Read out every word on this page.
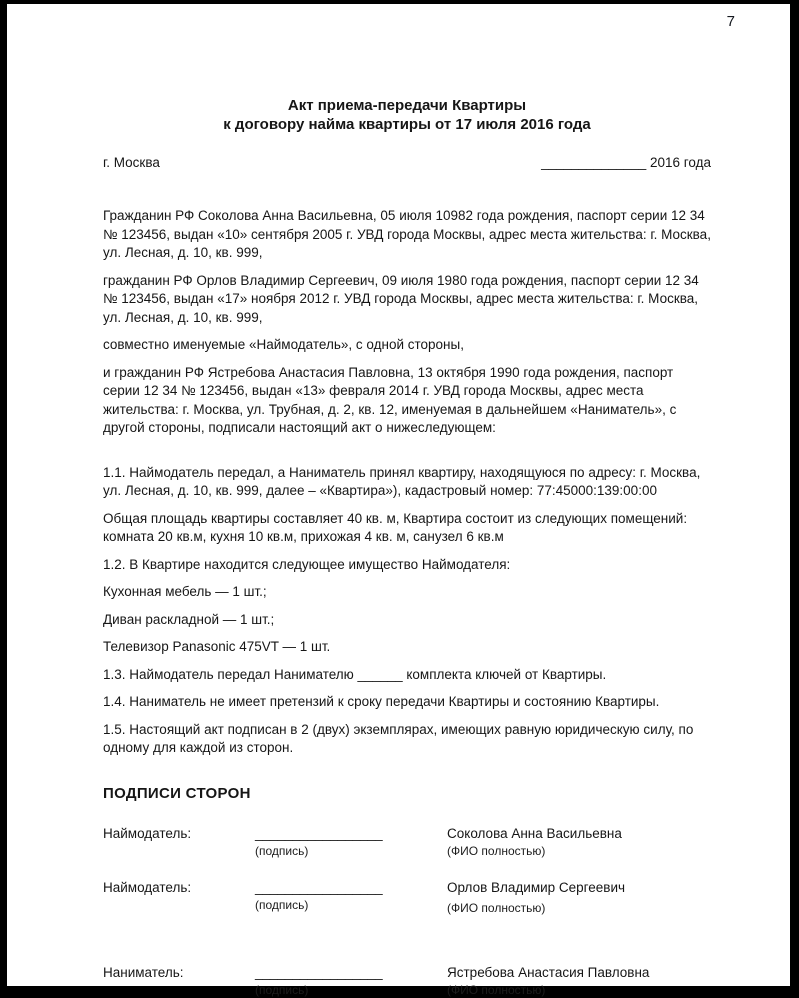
7
Акт приема-передачи Квартиры
к договору найма квартиры от 17 июля 2016 года
г. Москва	______________ 2016 года

Гражданин РФ Соколова Анна Васильевна, 05 июля 10982 года рождения, паспорт серии 12 34 № 123456, выдан «10» сентября 2005 г. УВД города Москвы, адрес места жительства: г. Москва, ул. Лесная, д. 10, кв. 999,

гражданин РФ Орлов Владимир Сергеевич, 09 июля 1980 года рождения, паспорт серии 12 34 № 123456, выдан «17» ноября 2012 г. УВД города Москвы, адрес места жительства: г. Москва, ул. Лесная, д. 10, кв. 999,

совместно именуемые «Наймодатель», с одной стороны,

и гражданин РФ Ястребова Анастасия Павловна, 13 октября 1990 года рождения, паспорт серии 12 34 № 123456, выдан «13» февраля 2014 г. УВД города Москвы, адрес места жительства: г. Москва, ул. Трубная, д. 2, кв. 12, именуемая в дальнейшем «Наниматель», с другой стороны, подписали настоящий акт о нижеследующем:

1.1. Наймодатель передал, а Наниматель принял квартиру, находящуюся по адресу: г. Москва, ул. Лесная, д. 10, кв. 999, далее – «Квартира»), кадастровый номер: 77:45000:139:00:00

Общая площадь квартиры составляет 40 кв. м, Квартира состоит из следующих помещений: комната 20 кв.м, кухня 10 кв.м, прихожая 4 кв. м, санузел 6 кв.м

1.2. В Квартире находится следующее имущество Наймодателя:

Кухонная мебель — 1 шт.;

Диван раскладной — 1 шт.;

Телевизор Panasonic 475VT — 1 шт.

1.3. Наймодатель передал Нанимателю ______ комплекта ключей от Квартиры.

1.4. Наниматель не имеет претензий к сроку передачи Квартиры и состоянию Квартиры.

1.5. Настоящий акт подписан в 2 (двух) экземплярах, имеющих равную юридическую силу, по одному для каждой из сторон.

ПОДПИСИ СТОРОН
Наймодатель:	_________________
(подпись)
Соколова Анна Васильевна
(ФИО полностью)
Наймодатель:	_________________
(подпись)
Орлов Владимир Сергеевич
(ФИО полностью)
Наниматель:	_________________
(подпись)
Ястребова Анастасия Павловна
(ФИО полностью)
